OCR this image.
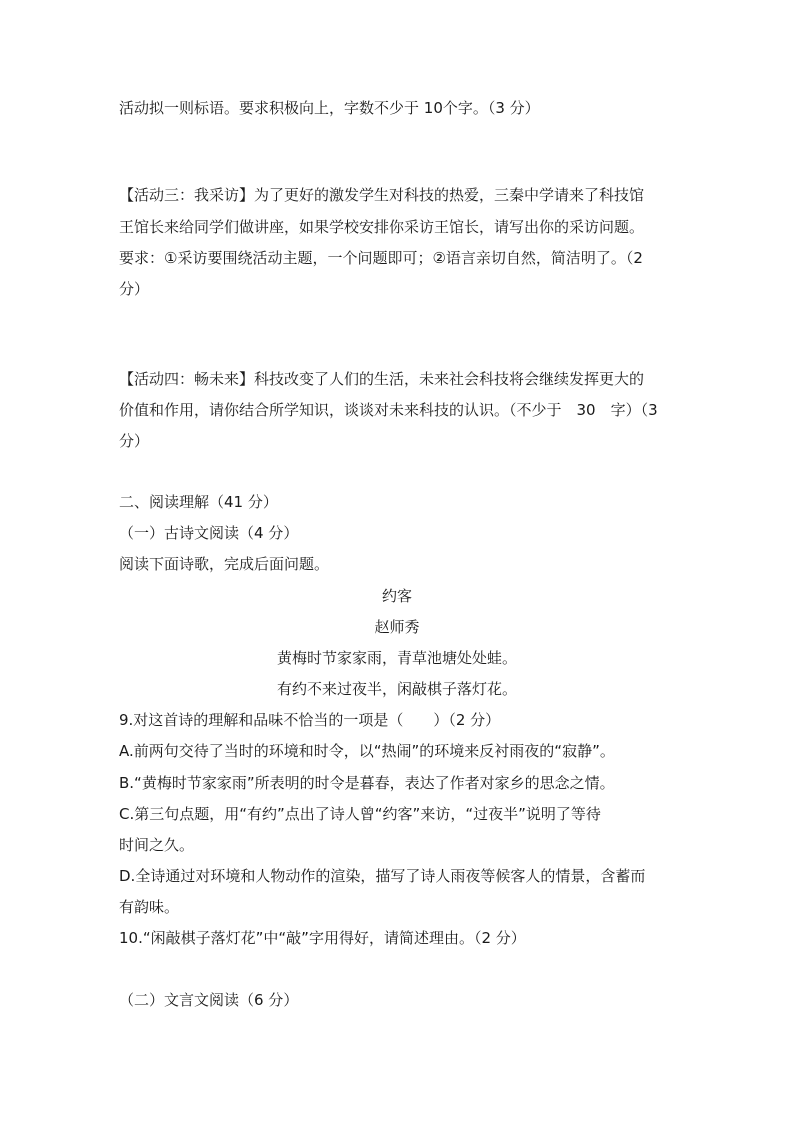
活动拟一则标语。要求积极向上，字数不少于 10个字。（3 分）
【活动三：我采访】为了更好的激发学生对科技的热爱，三秦中学请来了科技馆
王馆长来给同学们做讲座，如果学校安排你采访王馆长，请写出你的采访问题。
要求：①采访要围绕活动主题，一个问题即可；②语言亲切自然，简洁明了。（2
分）
【活动四：畅未来】科技改变了人们的生活，未来社会科技将会继续发挥更大的
价值和作用，请你结合所学知识，谈谈对未来科技的认识。（不少于　30　字）（3
分）
二、阅读理解（41 分）
（一）古诗文阅读（4 分）
阅读下面诗歌，完成后面问题。
约客
赵师秀
黄梅时节家家雨，青草池塘处处蛙。
有约不来过夜半，闲敲棋子落灯花。
9.对这首诗的理解和品味不恰当的一项是（　　）（2 分）
A.前两句交待了当时的环境和时令，以“热闹”的环境来反衬雨夜的“寂静”。
B.“黄梅时节家家雨”所表明的时令是暮春，表达了作者对家乡的思念之情。
C.第三句点题，用“有约”点出了诗人曾“约客”来访，“过夜半”说明了等待
时间之久。
D.全诗通过对环境和人物动作的渲染，描写了诗人雨夜等候客人的情景，含蓄而
有韵味。
10.“闲敲棋子落灯花”中“敲”字用得好，请简述理由。（2 分）
（二）文言文阅读（6 分）
